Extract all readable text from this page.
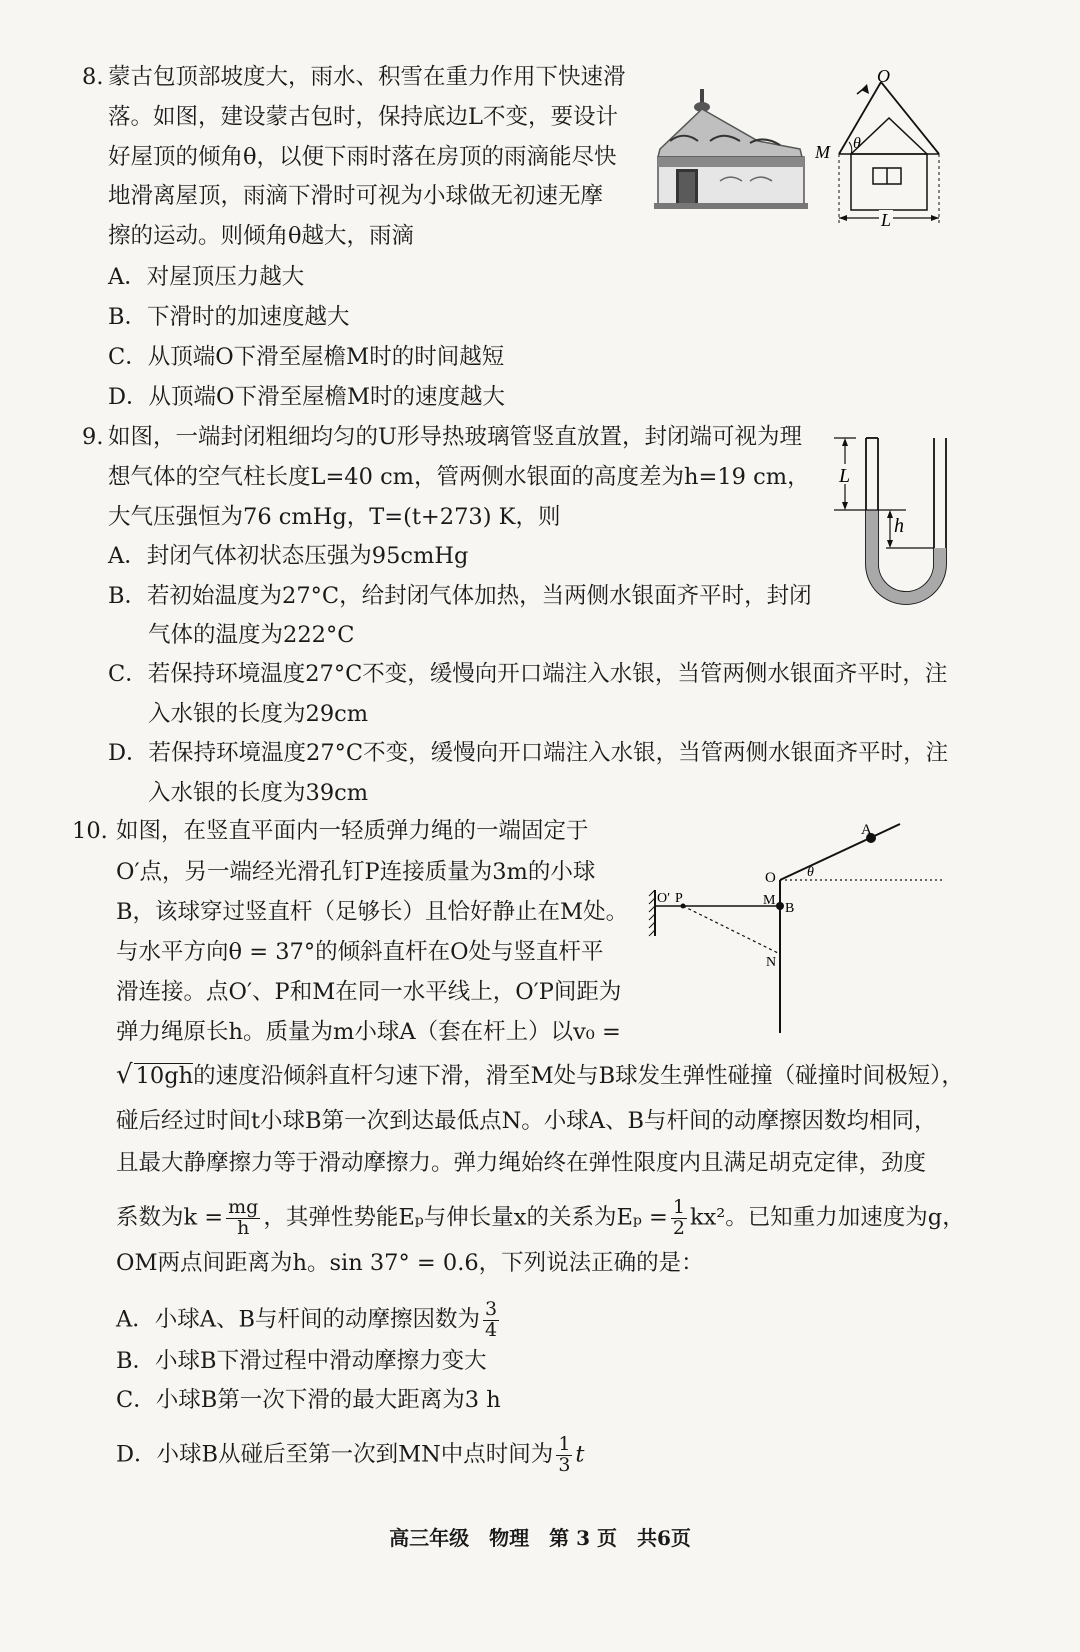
8. 蒙古包顶部坡度大，雨水、积雪在重力作用下快速滑
落。如图，建设蒙古包时，保持底边L不变，要设计
好屋顶的倾角θ，以便下雨时落在房顶的雨滴能尽快
地滑离屋顶，雨滴下滑时可视为小球做无初速无摩
擦的运动。则倾角θ越大，雨滴
A．对屋顶压力越大
B．下滑时的加速度越大
C．从顶端O下滑至屋檐M时的时间越短
D．从顶端O下滑至屋檐M时的速度越大
O
M θ
L
9. 如图，一端封闭粗细均匀的U形导热玻璃管竖直放置，封闭端可视为理
想气体的空气柱长度L=40 cm，管两侧水银面的高度差为h=19 cm，
大气压强恒为76 cmHg，T=(t+273) K，则
A．封闭气体初状态压强为95cmHg
B．若初始温度为27°C，给封闭气体加热，当两侧水银面齐平时，封闭
气体的温度为222°C
C．若保持环境温度27°C不变，缓慢向开口端注入水银，当管两侧水银面齐平时，注
入水银的长度为29cm
D．若保持环境温度27°C不变，缓慢向开口端注入水银，当管两侧水银面齐平时，注
入水银的长度为39cm
L
h
10. 如图，在竖直平面内一轻质弹力绳的一端固定于
O′点，另一端经光滑孔钉P连接质量为3m的小球
B，该球穿过竖直杆（足够长）且恰好静止在M处。
与水平方向θ = 37°的倾斜直杆在O处与竖直杆平
滑连接。点O′、P和M在同一水平线上，O′P间距为
弹力绳原长h。质量为m小球A（套在杆上）以v₀ =
√ 10gh的速度沿倾斜直杆匀速下滑，滑至M处与B球发生弹性碰撞（碰撞时间极短），
碰后经过时间t小球B第一次到达最低点N。小球A、B与杆间的动摩擦因数均相同，
且最大静摩擦力等于滑动摩擦力。弹力绳始终在弹性限度内且满足胡克定律，劲度
系数为$k = \frac{mg}{h}$ ，其弹性势能Eₚ与伸长量x的关系为$E_p = \frac{1}{2} kx^2$。已知重力加速度为g，
OM两点间距离为h。sin 37° = 0.6，下列说法正确的是：
A．小球A、B与杆间的动摩擦因数为 $\frac{3}{4}$
B．小球B下滑过程中滑动摩擦力变大
C．小球B第一次下滑的最大距离为3 h
D．小球B从碰后至第一次到MN中点时间为 $\frac{1}{3}$ t
A
O θ
O′ P	M
B
N
高三年级　物理　第 3 页　共6页
